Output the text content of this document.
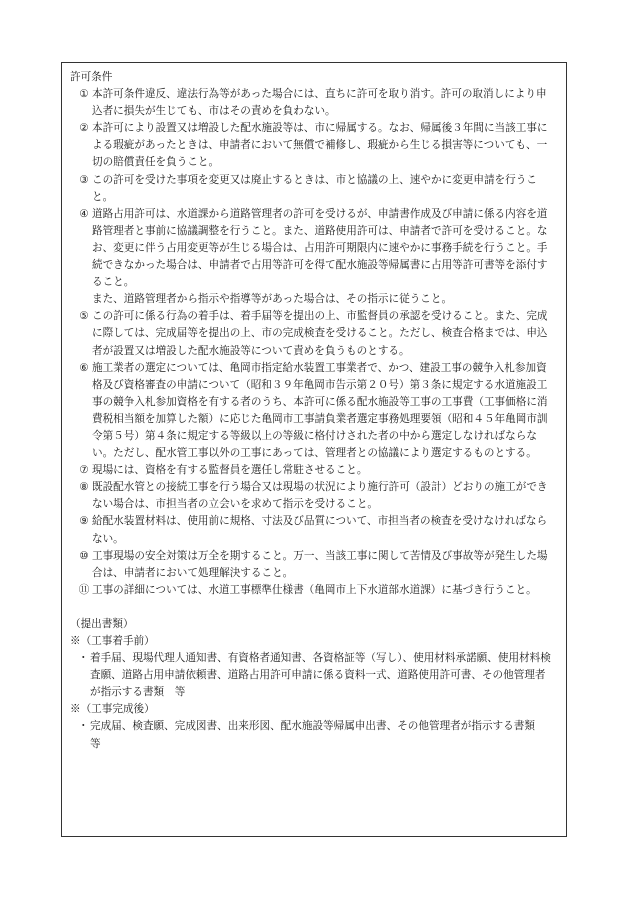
許可条件
① 本許可条件違反、違法行為等があった場合には、直ちに許可を取り消す。許可の取消しにより申込者に損失が生じても、市はその責めを負わない。
② 本許可により設置又は増設した配水施設等は、市に帰属する。なお、帰属後３年間に当該工事による瑕疵があったときは、申請者において無償で補修し、瑕疵から生じる損害等についても、一切の賠償責任を負うこと。
③ この許可を受けた事項を変更又は廃止するときは、市と協議の上、速やかに変更申請を行うこと。
④ 道路占用許可は、水道課から道路管理者の許可を受けるが、申請書作成及び申請に係る内容を道路管理者と事前に協議調整を行うこと。また、道路使用許可は、申請者で許可を受けること。なお、変更に伴う占用変更等が生じる場合は、占用許可期限内に速やかに事務手続を行うこと。手続できなかった場合は、申請者で占用等許可を得て配水施設等帰属書に占用等許可書等を添付すること。
また、道路管理者から指示や指導等があった場合は、その指示に従うこと。
⑤ この許可に係る行為の着手は、着手届等を提出の上、市監督員の承認を受けること。また、完成に際しては、完成届等を提出の上、市の完成検査を受けること。ただし、検査合格までは、申込者が設置又は増設した配水施設等について責めを負うものとする。
⑥ 施工業者の選定については、亀岡市指定給水装置工事業者で、かつ、建設工事の競争入札参加資格及び資格審査の申請について（昭和３９年亀岡市告示第２０号）第３条に規定する水道施設工事の競争入札参加資格を有する者のうち、本許可に係る配水施設等工事の工事費（工事価格に消費税相当額を加算した額）に応じた亀岡市工事請負業者選定事務処理要領（昭和４５年亀岡市訓令第５号）第４条に規定する等級以上の等級に格付けされた者の中から選定しなければならない。ただし、配水管工事以外の工事にあっては、管理者との協議により選定するものとする。
⑦ 現場には、資格を有する監督員を選任し常駐させること。
⑧ 既設配水管との接続工事を行う場合又は現場の状況により施行許可（設計）どおりの施工ができない場合は、市担当者の立会いを求めて指示を受けること。
⑨ 給配水装置材料は、使用前に規格、寸法及び品質について、市担当者の検査を受けなければならない。
⑩ 工事現場の安全対策は万全を期すること。万一、当該工事に関して苦情及び事故等が発生した場合は、申請者において処理解決すること。
⑪ 工事の詳細については、水道工事標準仕様書（亀岡市上下水道部水道課）に基づき行うこと。
（提出書類）
※（工事着手前）
・ 着手届、現場代理人通知書、有資格者通知書、各資格証等（写し）、使用材料承諾願、使用材料検査願、道路占用申請依頼書、道路占用許可申請に係る資料一式、道路使用許可書、その他管理者が指示する書類　等
※（工事完成後）
・ 完成届、検査願、完成図書、出来形図、配水施設等帰属申出書、その他管理者が指示する書類　等
